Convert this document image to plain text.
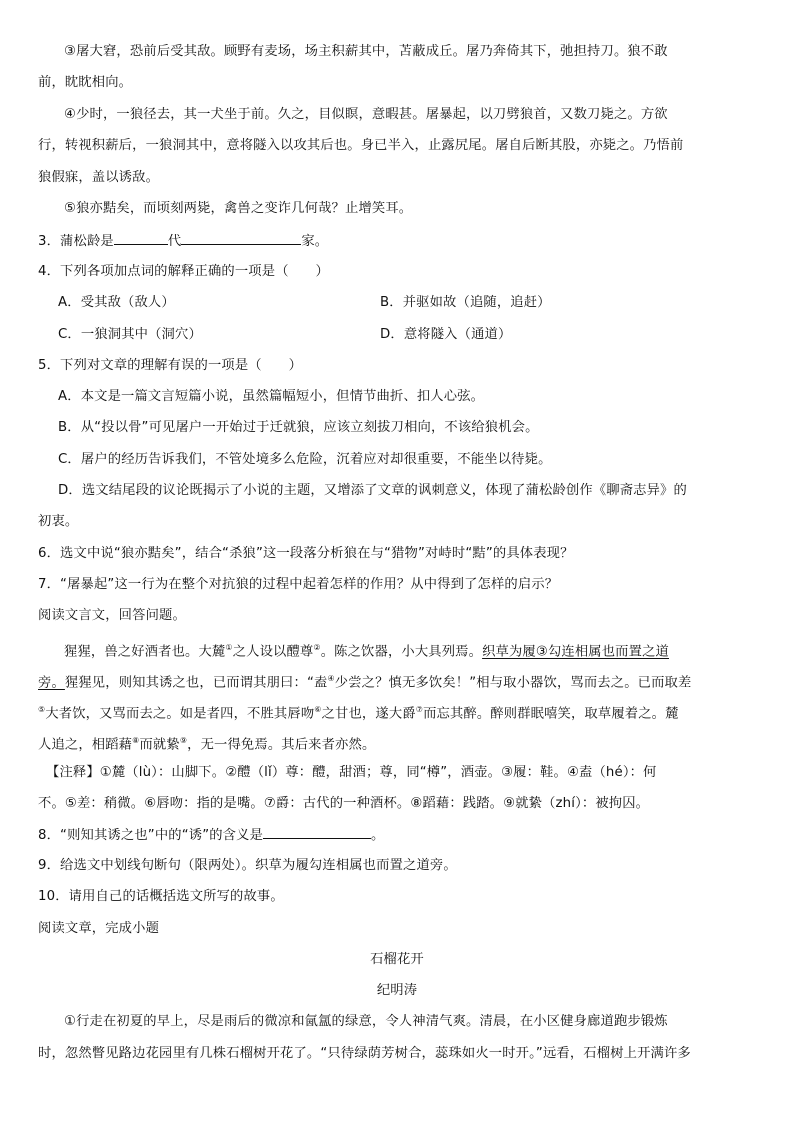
③屠大窘，恐前后受其敌。顾野有麦场，场主积薪其中，苫蔽成丘。屠乃奔倚其下，弛担持刀。狼不敢
前，眈眈相向。
④少时，一狼径去，其一犬坐于前。久之，目似瞑，意暇甚。屠暴起，以刀劈狼首，又数刀毙之。方欲
行，转视积薪后，一狼洞其中，意将隧入以攻其后也。身已半入，止露尻尾。屠自后断其股，亦毙之。乃悟前
狼假寐，盖以诱敌。
⑤狼亦黠矣，而顷刻两毙，禽兽之变诈几何哉？止增笑耳。
3．蒲松龄是	代	家。
4．下列各项加点词的解释正确的一项是（　　）
A．受其敌（敌人）	B．并驱如故（追随，追赶）
C．一狼洞其中（洞穴）	D．意将隧入（通道）
5．下列对文章的理解有误的一项是（　　）
A．本文是一篇文言短篇小说，虽然篇幅短小，但情节曲折、扣人心弦。
B．从“投以骨”可见屠户一开始过于迁就狼，应该立刻拔刀相向，不该给狼机会。
C．屠户的经历告诉我们，不管处境多么危险，沉着应对却很重要，不能坐以待毙。
D．选文结尾段的议论既揭示了小说的主题，又增添了文章的讽刺意义，体现了蒲松龄创作《聊斋志异》的
初衷。
6．选文中说“狼亦黠矣”，结合“杀狼”这一段落分析狼在与“猎物”对峙时“黠”的具体表现？
7．“屠暴起”这一行为在整个对抗狼的过程中起着怎样的作用？从中得到了怎样的启示？
阅读文言文，回答问题。
猩猩，兽之好酒者也。大麓①之人设以醴尊②。陈之饮器，小大具列焉。织草为履③勾连相属也而置之道
旁。猩猩见，则知其诱之也，已而谓其朋曰：“盍④少尝之？慎无多饮矣！”相与取小器饮，骂而去之。已而取差
⑤大者饮，又骂而去之。如是者四，不胜其唇吻⑥之甘也，遂大爵⑦而忘其醉。醉则群眠嘻笑，取草履着之。麓
人追之，相蹈藉⑧而就絷⑨，无一得免焉。其后来者亦然。
【注释】①麓（lù）：山脚下。②醴（lǐ）尊：醴，甜酒；尊，同“樽”，酒壶。③履：鞋。④盍（hé）：何
不。⑤差：稍微。⑥唇吻：指的是嘴。⑦爵：古代的一种酒杯。⑧蹈藉：践踏。⑨就絷（zhí）：被拘囚。
8．“则知其诱之也”中的“诱”的含义是	。
9．给选文中划线句断句（限两处）。织草为履勾连相属也而置之道旁。
10．请用自己的话概括选文所写的故事。
阅读文章，完成小题
石榴花开
纪明涛
①行走在初夏的早上，尽是雨后的微凉和氤氲的绿意，令人神清气爽。清晨，在小区健身廊道跑步锻炼
时，忽然瞥见路边花园里有几株石榴树开花了。“只待绿荫芳树合，蕊珠如火一时开。”远看，石榴树上开满许多
